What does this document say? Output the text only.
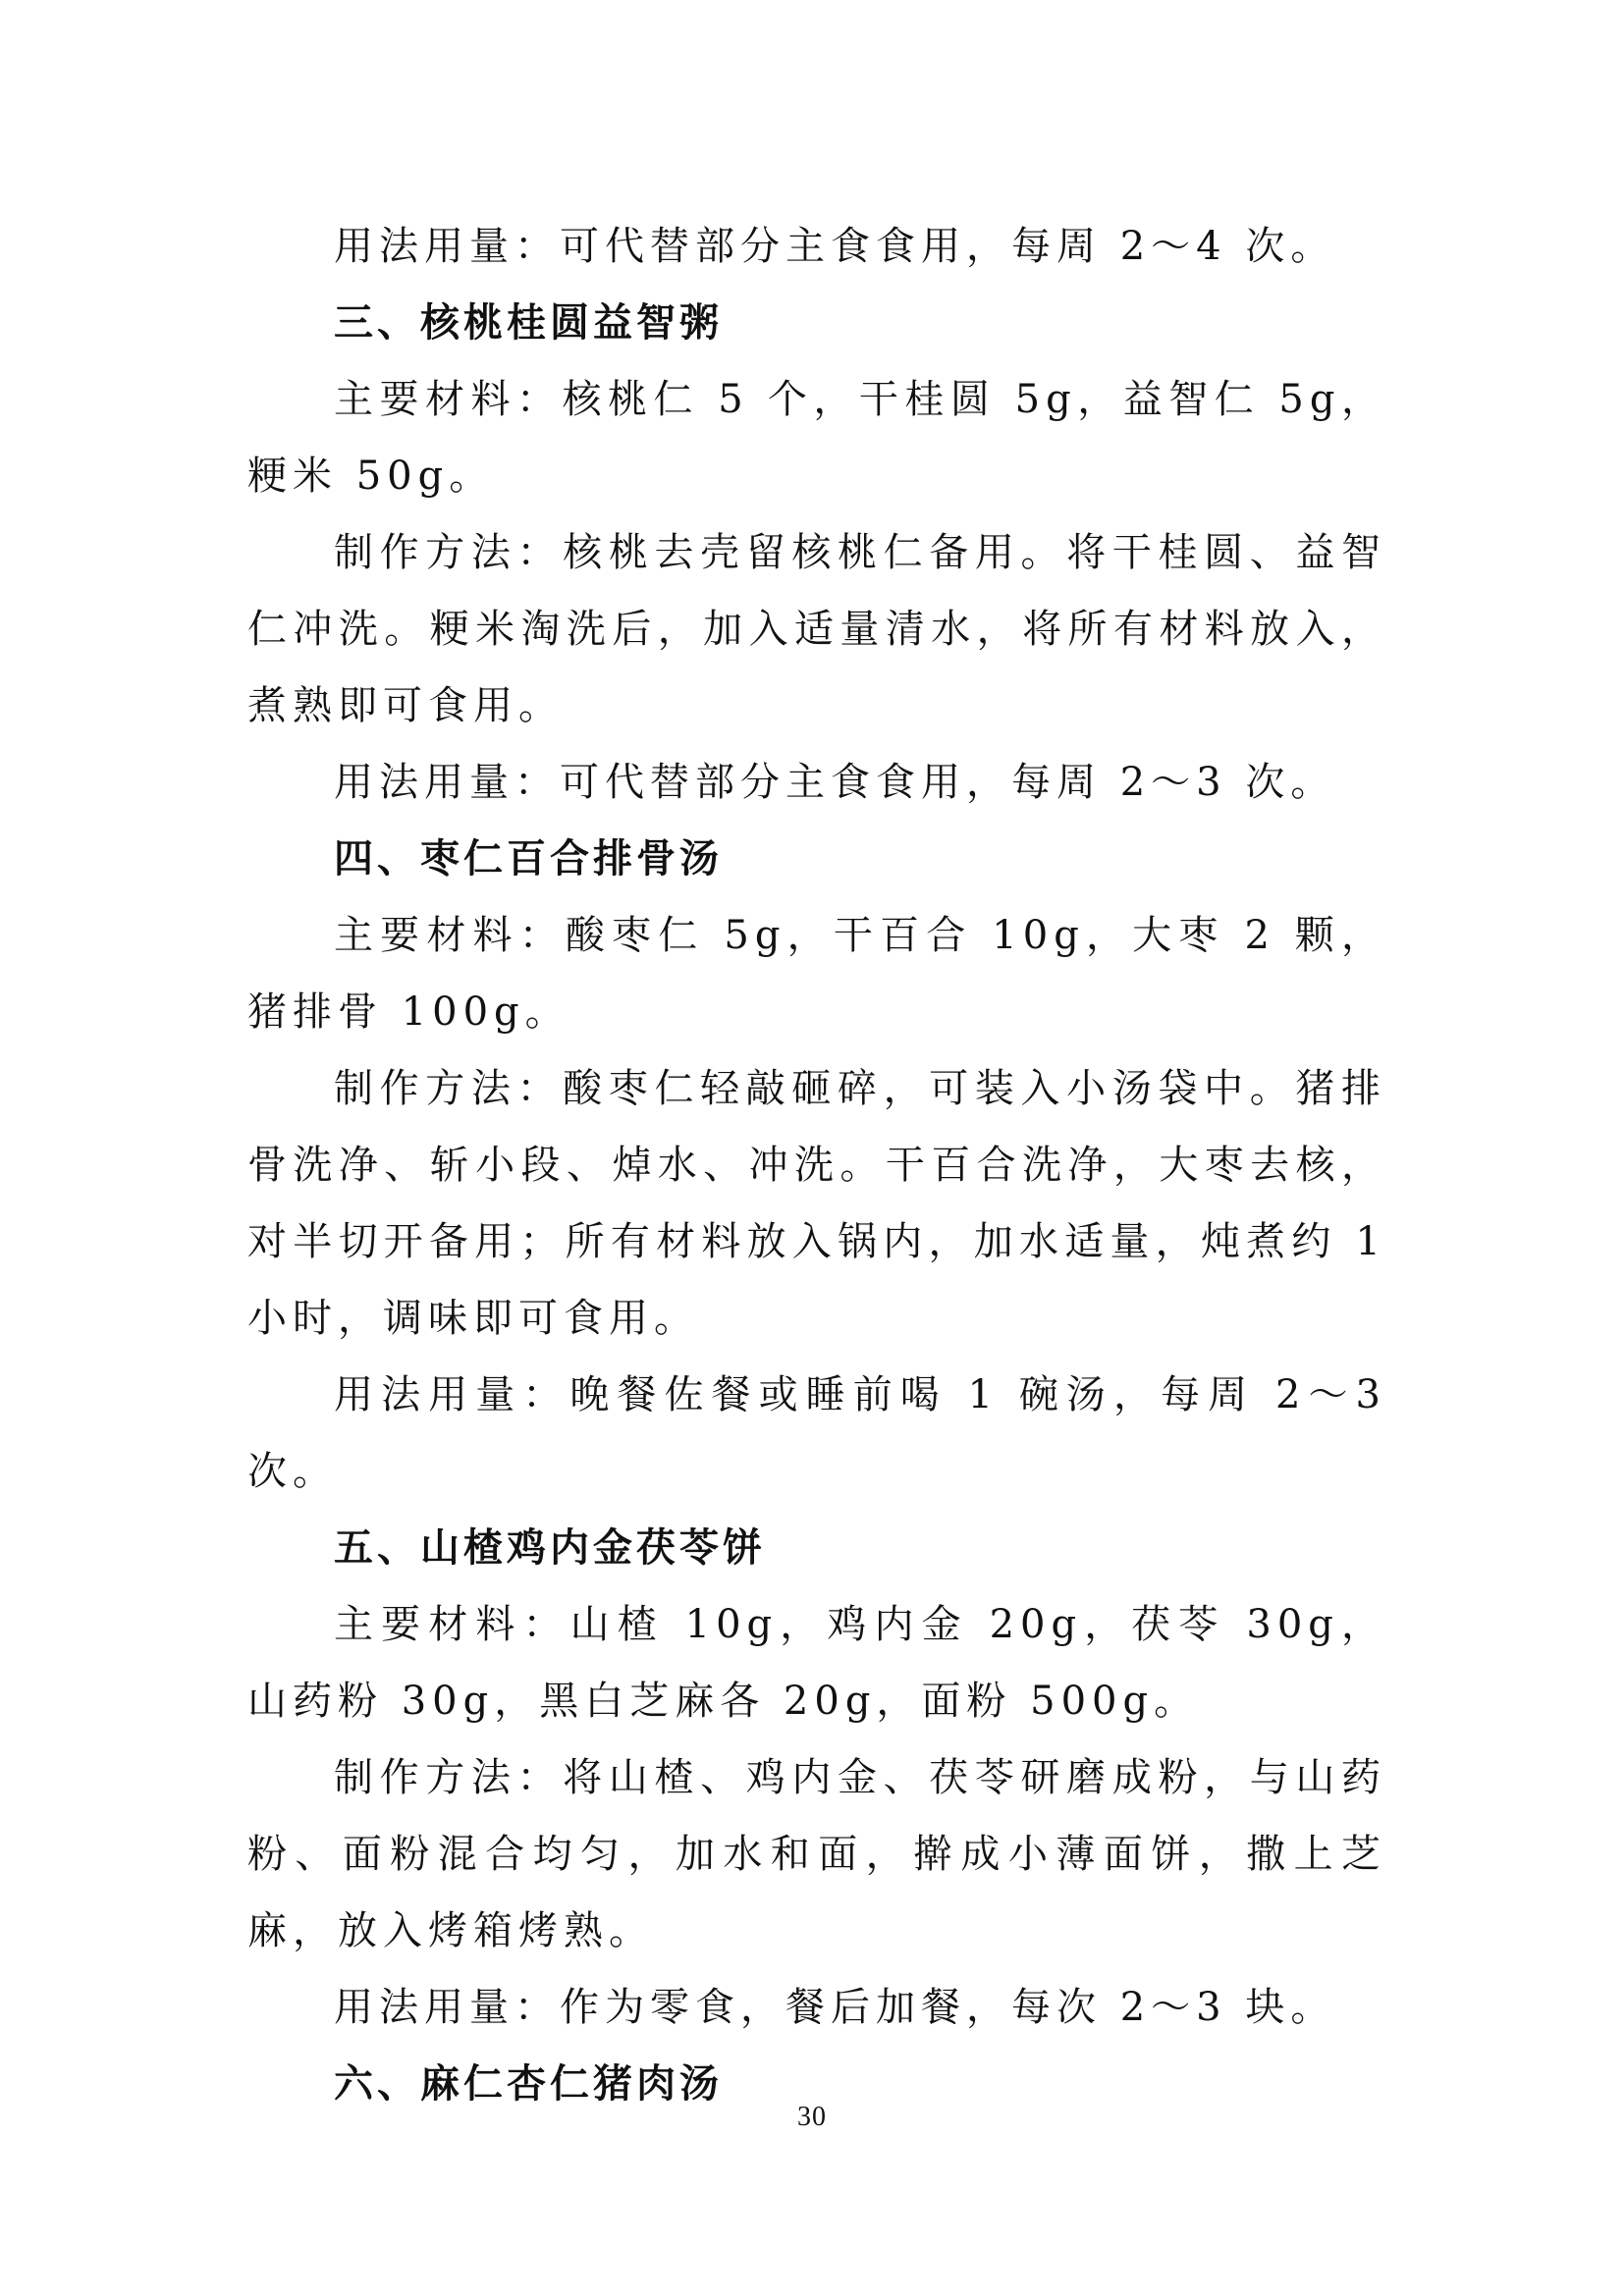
用法用量：可代替部分主食食用，每周 2～4 次。

三、核桃桂圆益智粥

主要材料：核桃仁 5 个，干桂圆 5g，益智仁 5g，粳米 50g。

制作方法：核桃去壳留核桃仁备用。将干桂圆、益智仁冲洗。粳米淘洗后，加入适量清水，将所有材料放入，煮熟即可食用。

用法用量：可代替部分主食食用，每周 2～3 次。

四、枣仁百合排骨汤

主要材料：酸枣仁 5g，干百合 10g，大枣 2 颗，猪排骨 100g。

制作方法：酸枣仁轻敲砸碎，可装入小汤袋中。猪排骨洗净、斩小段、焯水、冲洗。干百合洗净，大枣去核，对半切开备用；所有材料放入锅内，加水适量，炖煮约 1 小时，调味即可食用。

用法用量：晚餐佐餐或睡前喝 1 碗汤，每周 2～3 次。

五、山楂鸡内金茯苓饼

主要材料：山楂 10g，鸡内金 20g，茯苓 30g，山药粉 30g，黑白芝麻各 20g，面粉 500g。

制作方法：将山楂、鸡内金、茯苓研磨成粉，与山药粉、面粉混合均匀，加水和面，擀成小薄面饼，撒上芝麻，放入烤箱烤熟。

用法用量：作为零食，餐后加餐，每次 2～3 块。

六、麻仁杏仁猪肉汤
30
